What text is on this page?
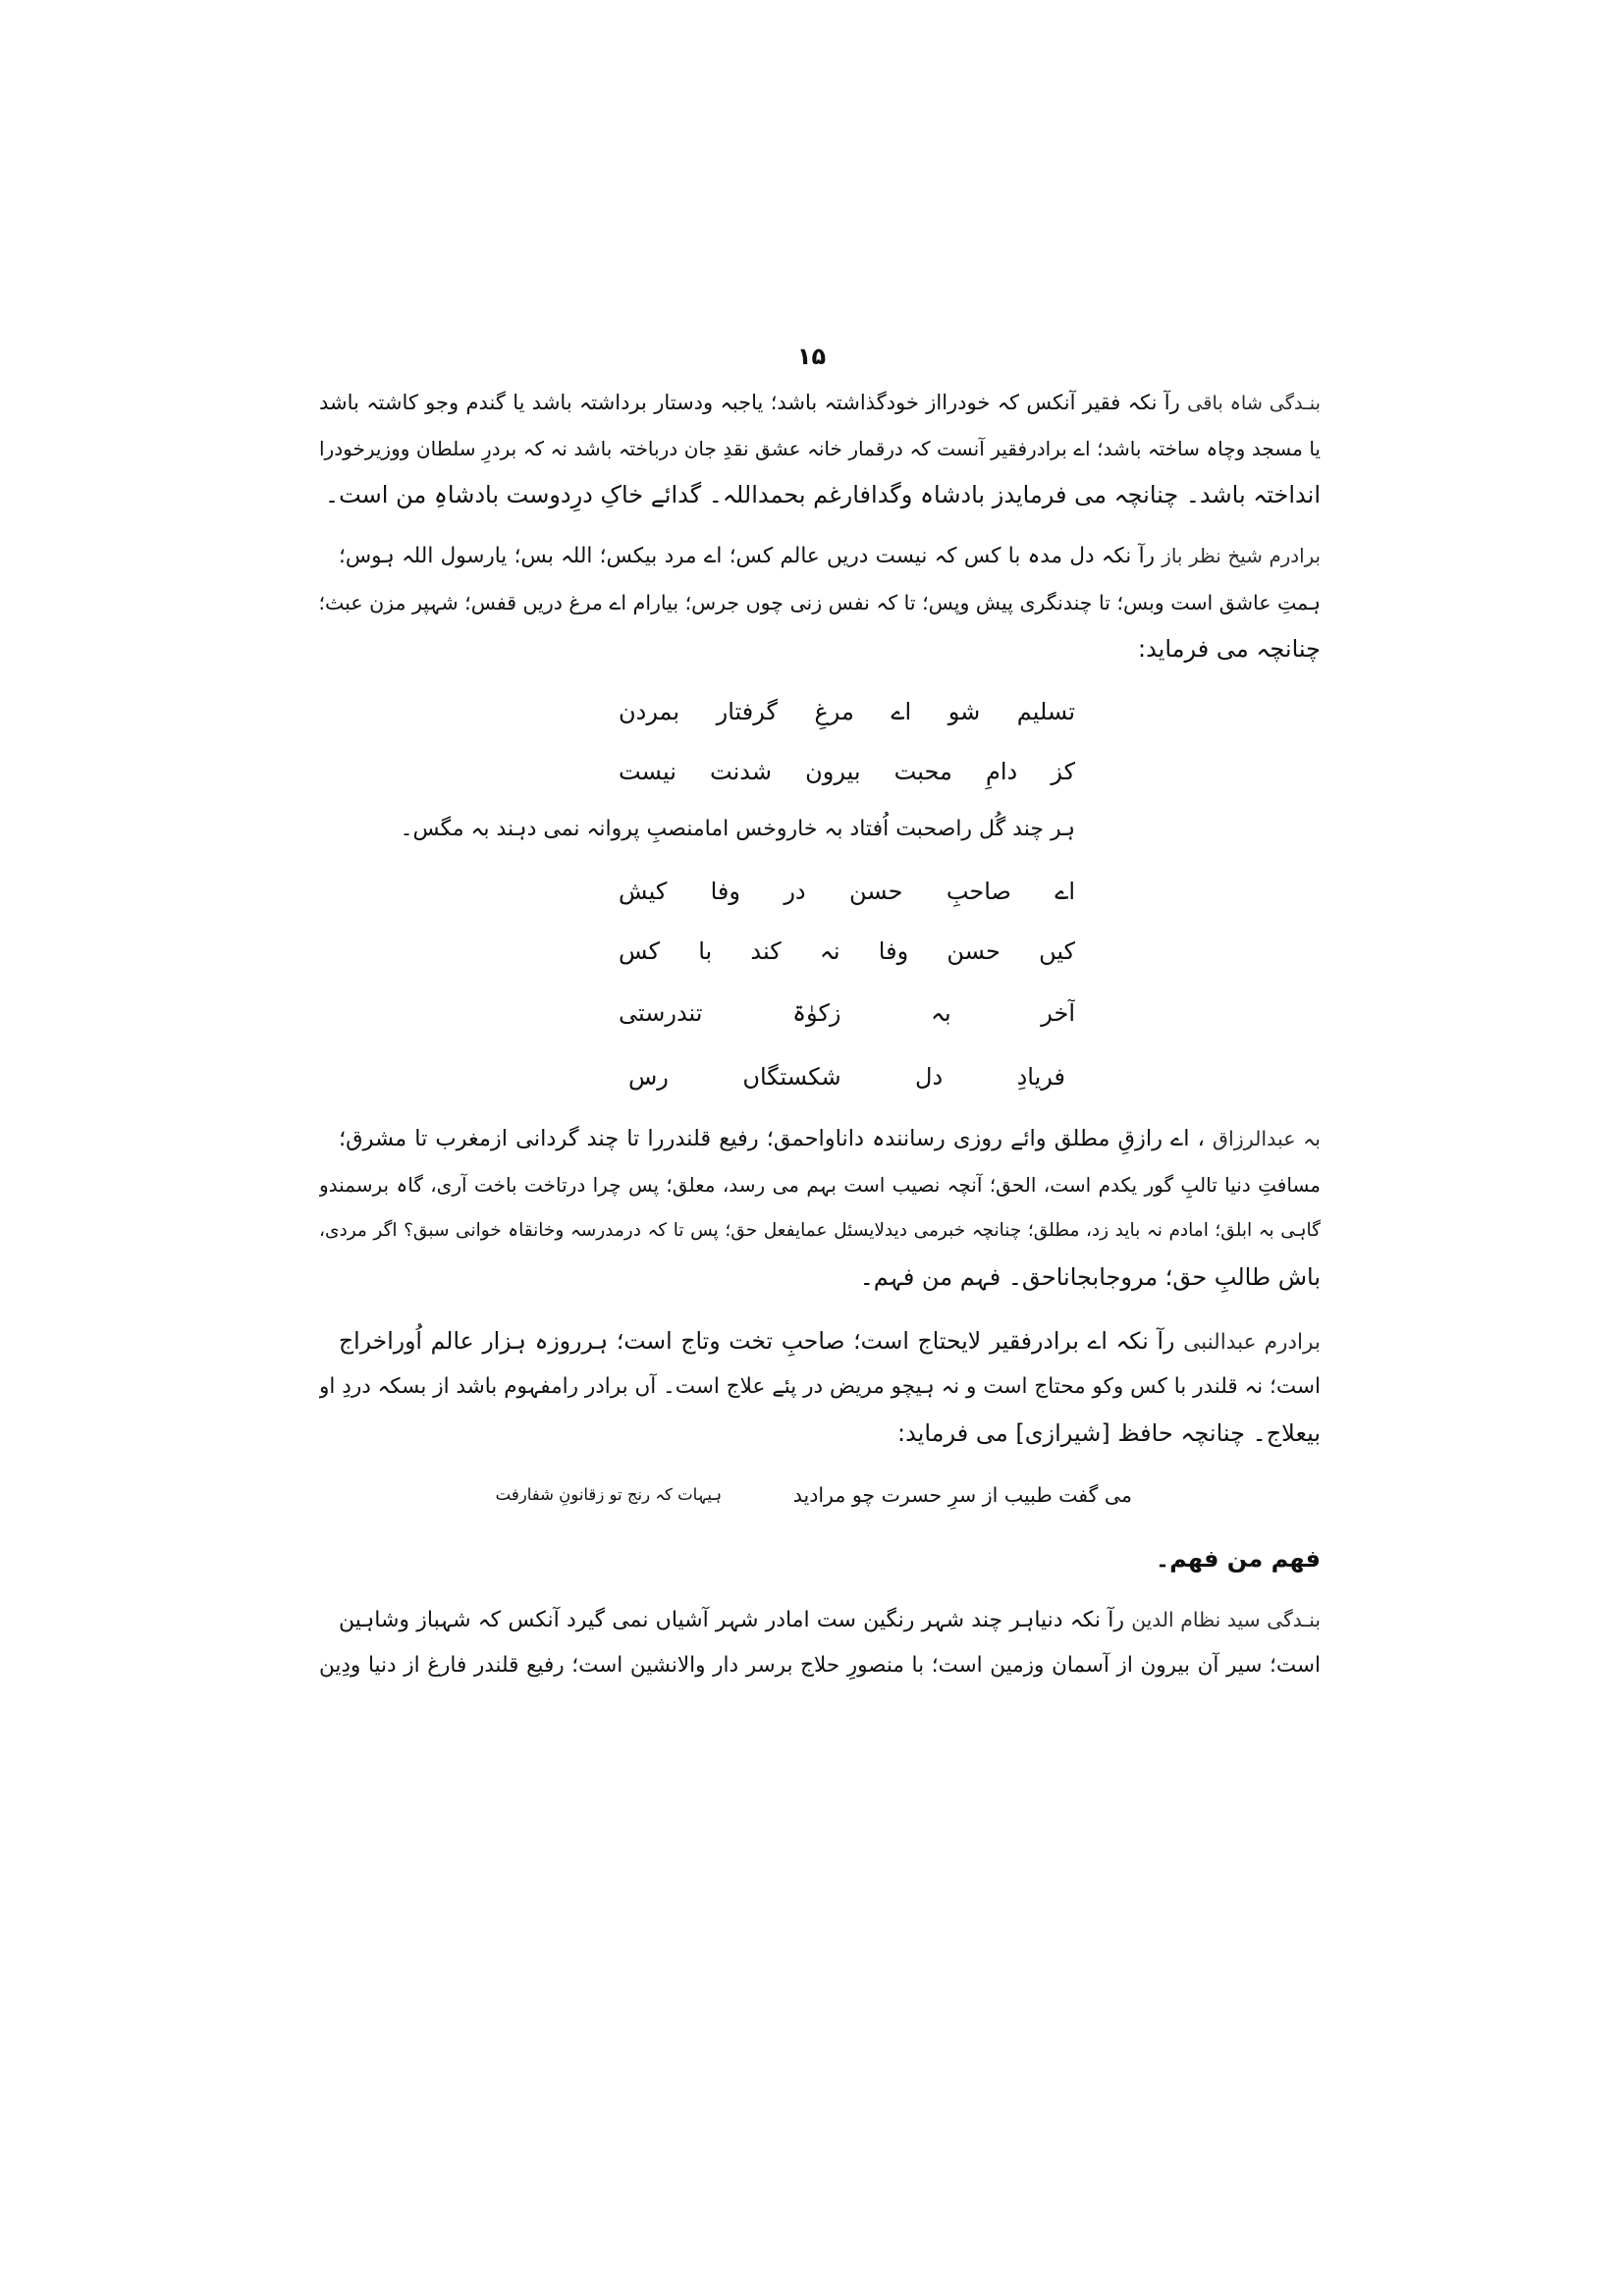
۱۵
بنـدگی شاہ باقی رآ نکہ فقیر آنکس کہ خودرااز خودگذاشتہ باشد؛ یاجبہ ودستار برداشتہ باشد یا گندم وجو کاشتہ باشد
یا مسجد وچاہ ساختہ باشد؛ اے برادرفقیر آنست کہ درقمار خانہ عشق نقدِ جان درباختہ باشد نہ کہ بردرِ سلطان ووزیرخودرا
انداختہ باشد۔ چنانچہ می فرمایدز بادشاہ وگدافارغم بحمداللہ۔ گدائے خاکِ درِدوست بادشاہِ من است۔
برادرم شیخ نظر باز رآ نکہ دل مدہ با کس کہ نیست دریں عالم کس؛ اے مرد بیکس؛ اللہ بس؛ یارسول اللہ ہوس؛
ہمتِ عاشق است وبس؛ تا چندنگری پیش وپس؛ تا کہ نفس زنی چوں جرس؛ بیارام اے مرغ دریں قفس؛ شہپر مزن عبث؛
چنانچہ می فرماید:
تسلیم شو اے مرغِ گرفتار بمردن
کز دامِ محبت بیرون شدنت نیست
ہر چند گُل راصحبت اُفتاد بہ خاروخس امامنصبِ پروانہ نمی دہند بہ مگس۔
اے صاحبِ حسن در وفا کیش
کیں حسن وفا نہ کند با کس
آخر بہ زکوٰۃ تندرستی
فریادِ دل شکستگاں رس
بہ عبدالرزاق ، اے رازقِ مطلق وائے روزی رسانندہ داناواحمق؛ رفیع قلندررا تا چند گردانی ازمغرب تا مشرق؛
مسافتِ دنیا تالبِ گور یکدم است، الحق؛ آنچہ نصیب است بہم می رسد، معلق؛ پس چرا درتاخت باخت آری، گاہ برسمندو
گاہی بہ ابلق؛ امادم نہ باید زد، مطلق؛ چنانچہ خبرمی دیدلایسئل عمایفعل حق؛ پس تا کہ درمدرسہ وخانقاہ خوانی سبق؟ اگر مردی،
باش طالبِ حق؛ مروجابجاناحق۔ فہم من فہم۔
برادرم عبدالنبی رآ نکہ اے برادرفقیر لایحتاج است؛ صاحبِ تخت وتاج است؛ ہرروزہ ہزار عالم اُوراخراج
است؛ نہ قلندر با کس وکو محتاج است و نہ ہیچو مریض در پئے علاج است۔ آں برادر رامفہوم باشد از بسکہ دردِ او
بیعلاج۔ چنانچہ حافظ [شیرازی] می فرماید:
می گفت طبیب از سرِ حسرت چو مرادید
ہیہات کہ رنج تو زقانونِ شفارفت
فهم من فهم۔
بنـدگی سید نظام الدین رآ نکہ دنیاہر چند شہر رنگین ست امادر شہر آشیاں نمی گیرد آنکس کہ شہباز وشاہین
است؛ سیر آن بیرون از آسمان وزمین است؛ با منصورِ حلاج برسر دار والانشین است؛ رفیع قلندر فارغ از دنیا ودِین
